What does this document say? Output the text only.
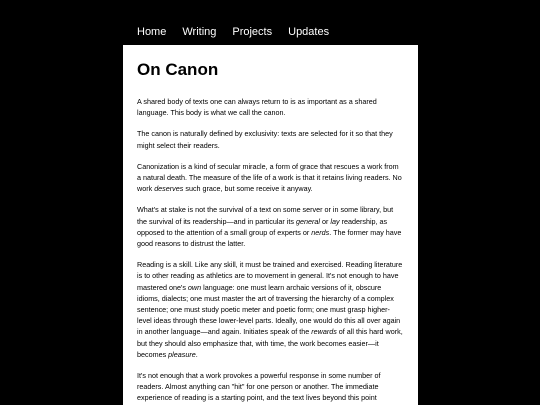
Home Writing Projects Updates
On Canon

A shared body of texts one can always return to is as important as a shared language. This body is what we call the canon.

The canon is naturally defined by exclusivity: texts are selected for it so that they might select their readers.

Canonization is a kind of secular miracle, a form of grace that rescues a work from a natural death. The measure of the life of a work is that it retains living readers. No work deserves such grace, but some receive it anyway.

What's at stake is not the survival of a text on some server or in some library, but the survival of its readership—and in particular its general or lay readership, as opposed to the attention of a small group of experts or nerds. The former may have good reasons to distrust the latter.

Reading is a skill. Like any skill, it must be trained and exercised. Reading literature is to other reading as athletics are to movement in general. It's not enough to have mastered one's own language: one must learn archaic versions of it, obscure idioms, dialects; one must master the art of traversing the hierarchy of a complex sentence; one must study poetic meter and poetic form; one must grasp higher-level ideas through these lower-level parts. Ideally, one would do this all over again in another language—and again. Initiates speak of the rewards of all this hard work, but they should also emphasize that, with time, the work becomes easier—it becomes pleasure.

It's not enough that a work provokes a powerful response in some number of readers. Almost anything can "hit" for one person or another. The immediate experience of reading is a starting point, and the text lives beyond this point
